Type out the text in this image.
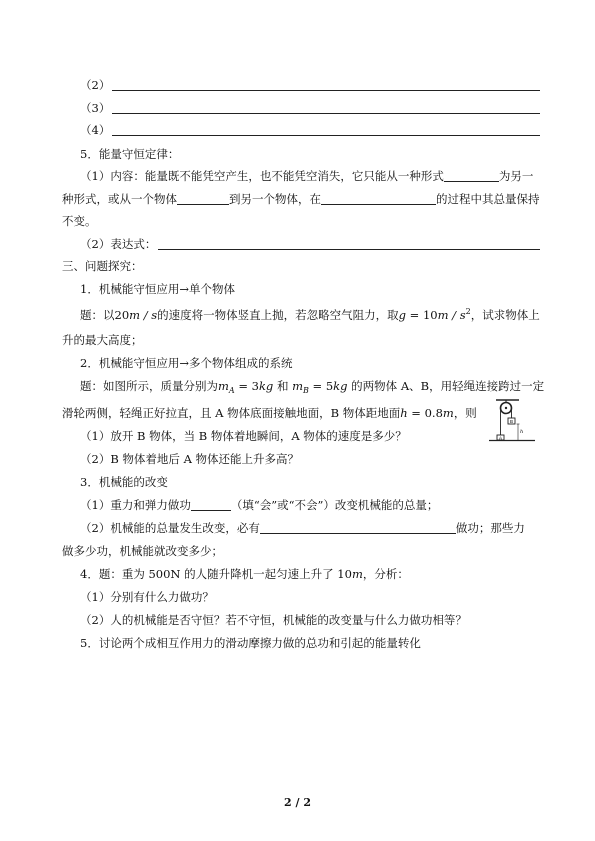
（2）
（3）
（4）
5．能量守恒定律：
（1）内容：能量既不能凭空产生，也不能凭空消失，它只能从一种形式	为另一
种形式，或从一个物体	到另一个物体，在	的过程中其总量保持
不变。
（2）表达式：
三、问题探究：
1．机械能守恒应用→单个物体
题：以20m / s的速度将一物体竖直上抛，若忽略空气阻力，取$g = 10m / s^2$，试求物体上
升的最大高度；
2．机械能守恒应用→多个物体组成的系统
题：如图所示，质量分别为$m_A = 3kg$ 和 $m_B = 5kg$ 的两物体 A、B，用轻绳连接跨过一定
滑轮两侧，轻绳正好拉直，且 A 物体底面接触地面，B 物体距地面h = 0.8m，则
B
A
h
（1）放开 B 物体，当 B 物体着地瞬间，A 物体的速度是多少？
（2）B 物体着地后 A 物体还能上升多高？
3．机械能的改变
（1）重力和弹力做功	（填“会”或“不会”）改变机械能的总量；
（2）机械能的总量发生改变，必有	做功；那些力
做多少功，机械能就改变多少；
4．题：重为 500N 的人随升降机一起匀速上升了 10m，分析：
（1）分别有什么力做功？
（2）人的机械能是否守恒？若不守恒，机械能的改变量与什么力做功相等？
5．讨论两个成相互作用力的滑动摩擦力做的总功和引起的能量转化
2 / 2
